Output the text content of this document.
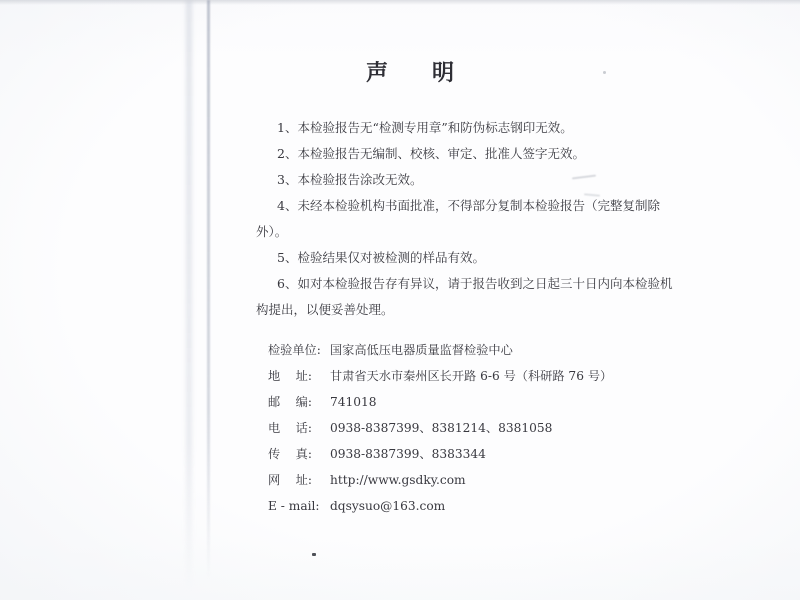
声明

1、本检验报告无“检测专用章”和防伪标志钢印无效。

2、本检验报告无编制、校核、审定、批准人签字无效。

3、本检验报告涂改无效。

4、未经本检验机构书面批准，不得部分复制本检验报告（完整复制除外）。

5、检验结果仅对被检测的样品有效。

6、如对本检验报告存有异议，请于报告收到之日起三十日内向本检验机
构提出，以便妥善处理。

检验单位: 国家高低压电器质量监督检验中心
地    址:	甘肃省天水市秦州区长开路 6-6 号（科研路 76 号）
邮    编:	741018
电    话:	0938-8387399、8381214、8381058
传    真:	0938-8387399、8383344
网    址:	http://www.gsdky.com
E - mail: dqsysuo@163.com
